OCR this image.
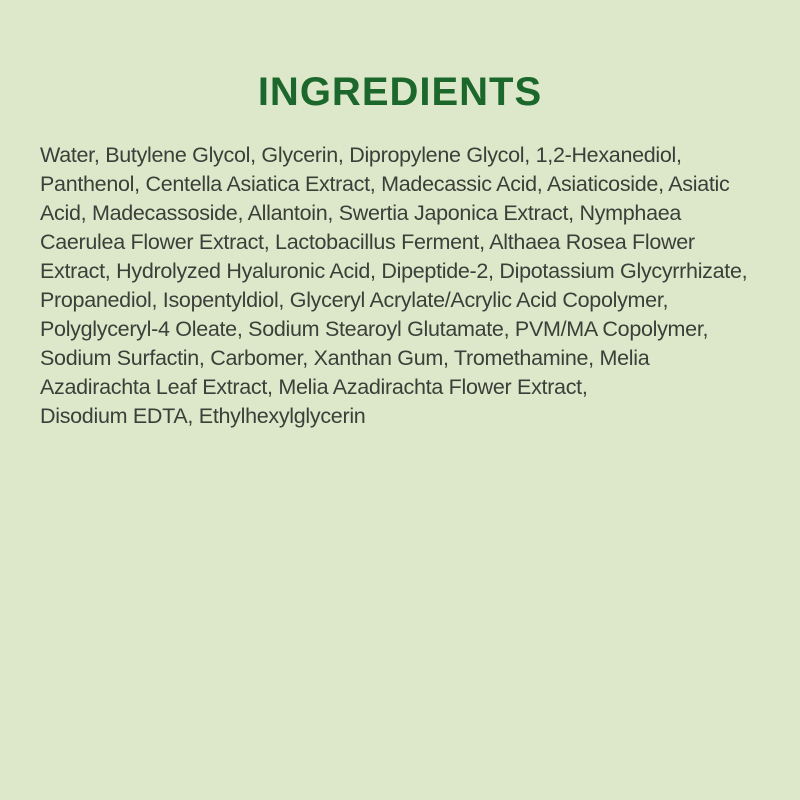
INGREDIENTS
Water, Butylene Glycol, Glycerin, Dipropylene Glycol, 1,2-Hexanediol,
Panthenol, Centella Asiatica Extract, Madecassic Acid, Asiaticoside, Asiatic
Acid, Madecassoside, Allantoin, Swertia Japonica Extract, Nymphaea
Caerulea Flower Extract, Lactobacillus Ferment, Althaea Rosea Flower
Extract, Hydrolyzed Hyaluronic Acid, Dipeptide-2, Dipotassium Glycyrrhizate,
Propanediol, Isopentyldiol, Glyceryl Acrylate/Acrylic Acid Copolymer,
Polyglyceryl-4 Oleate, Sodium Stearoyl Glutamate, PVM/MA Copolymer,
Sodium Surfactin, Carbomer, Xanthan Gum, Tromethamine, Melia
Azadirachta Leaf Extract, Melia Azadirachta Flower Extract,
Disodium EDTA, Ethylhexylglycerin
